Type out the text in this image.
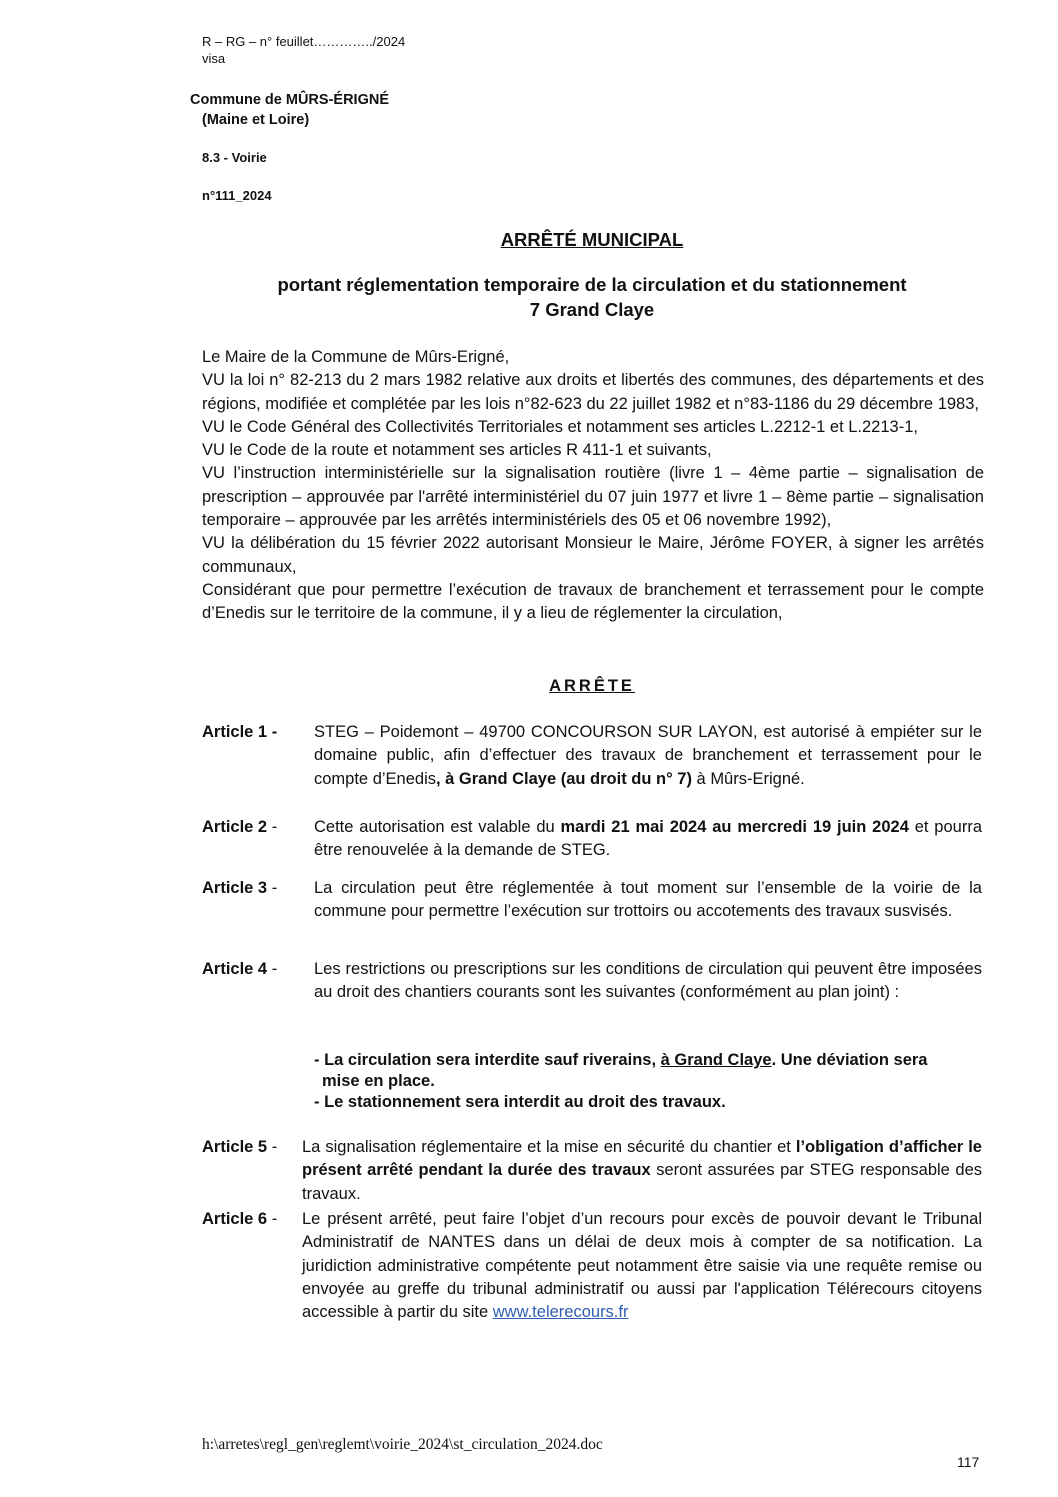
R – RG – n° feuillet…………../2024
visa
Commune de MÛRS-ÉRIGNÉ
(Maine et Loire)
8.3 - Voirie
n°111_2024
ARRÊTÉ MUNICIPAL
portant réglementation temporaire de la circulation et du stationnement
7 Grand Claye
Le Maire de la Commune de Mûrs-Erigné,
VU la loi n° 82-213 du 2 mars 1982 relative aux droits et libertés des communes, des départements et des régions, modifiée et complétée par les lois n°82-623 du 22 juillet 1982 et n°83-1186 du 29 décembre 1983,
VU le Code Général des Collectivités Territoriales et notamment ses articles L.2212-1 et L.2213-1,
VU le Code de la route et notamment ses articles R 411-1 et suivants,
VU l’instruction interministérielle sur la signalisation routière (livre 1 – 4ème partie – signalisation de prescription – approuvée par l'arrêté interministériel du 07 juin 1977 et livre 1 – 8ème partie – signalisation temporaire – approuvée par les arrêtés interministériels des 05 et 06 novembre 1992),
VU la délibération du 15 février 2022 autorisant Monsieur le Maire, Jérôme FOYER, à signer les arrêtés communaux,
Considérant que pour permettre l’exécution de travaux de branchement et terrassement pour le compte d’Enedis sur le territoire de la commune, il y a lieu de réglementer la circulation,
ARRÊTE
Article 1 - STEG – Poidemont – 49700 CONCOURSON SUR LAYON, est autorisé à empiéter sur le domaine public, afin d’effectuer des travaux de branchement et terrassement pour le compte d’Enedis, à Grand Claye (au droit du n° 7) à Mûrs-Erigné.
Article 2 - Cette autorisation est valable du mardi 21 mai 2024 au mercredi 19 juin 2024 et pourra être renouvelée à la demande de STEG.
Article 3 - La circulation peut être réglementée à tout moment sur l’ensemble de la voirie de la commune pour permettre l’exécution sur trottoirs ou accotements des travaux susvisés.
Article 4 - Les restrictions ou prescriptions sur les conditions de circulation qui peuvent être imposées au droit des chantiers courants sont les suivantes (conformément au plan joint) :
- La circulation sera interdite sauf riverains, à Grand Claye. Une déviation sera
mise en place.
- Le stationnement sera interdit au droit des travaux.
Article 5 - La signalisation réglementaire et la mise en sécurité du chantier et l’obligation d’afficher le présent arrêté pendant la durée des travaux seront assurées par STEG responsable des travaux.
Article 6 - Le présent arrêté, peut faire l’objet d’un recours pour excès de pouvoir devant le Tribunal Administratif de NANTES dans un délai de deux mois à compter de sa notification. La juridiction administrative compétente peut notamment être saisie via une requête remise ou envoyée au greffe du tribunal administratif ou aussi par l'application Télérecours citoyens accessible à partir du site www.telerecours.fr
h:\arretes\regl_gen\reglemt\voirie_2024\st_circulation_2024.doc
117
